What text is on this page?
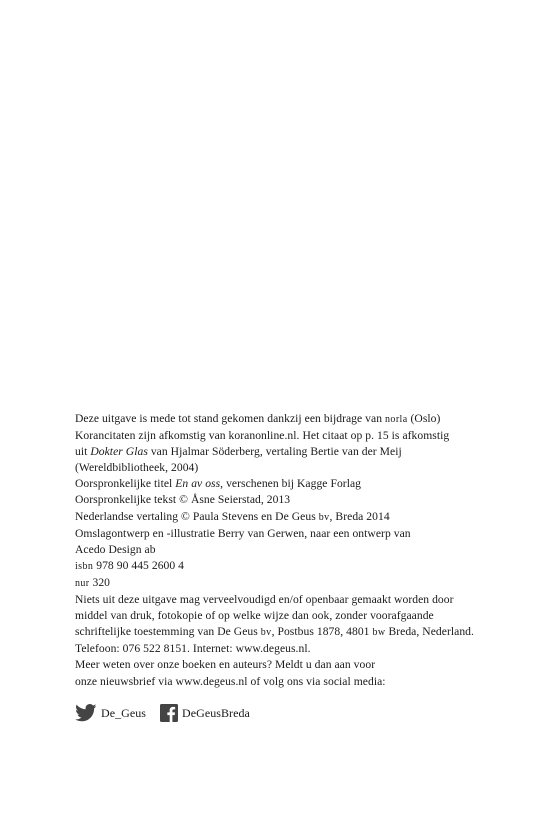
Deze uitgave is mede tot stand gekomen dankzij een bijdrage van norla (Oslo)

Korancitaten zijn afkomstig van koranonline.nl. Het citaat op p. 15 is afkomstig
uit Dokter Glas van Hjalmar Söderberg, vertaling Bertie van der Meij
(Wereldbibliotheek, 2004)

Oorspronkelijke titel En av oss, verschenen bij Kagge Forlag
Oorspronkelijke tekst © Åsne Seierstad, 2013
Nederlandse vertaling © Paula Stevens en De Geus bv, Breda 2014
Omslagontwerp en -illustratie Berry van Gerwen, naar een ontwerp van
Acedo Design ab
isbn 978 90 445 2600 4
nur 320

Niets uit deze uitgave mag verveelvoudigd en/of openbaar gemaakt worden door
middel van druk, fotokopie of op welke wijze dan ook, zonder voorafgaande
schriftelijke toestemming van De Geus bv, Postbus 1878, 4801 bw Breda, Nederland.
Telefoon: 076 522 8151. Internet: www.degeus.nl.

Meer weten over onze boeken en auteurs? Meldt u dan aan voor
onze nieuwsbrief via www.degeus.nl of volg ons via social media:

De_Geus	DeGeusBreda
